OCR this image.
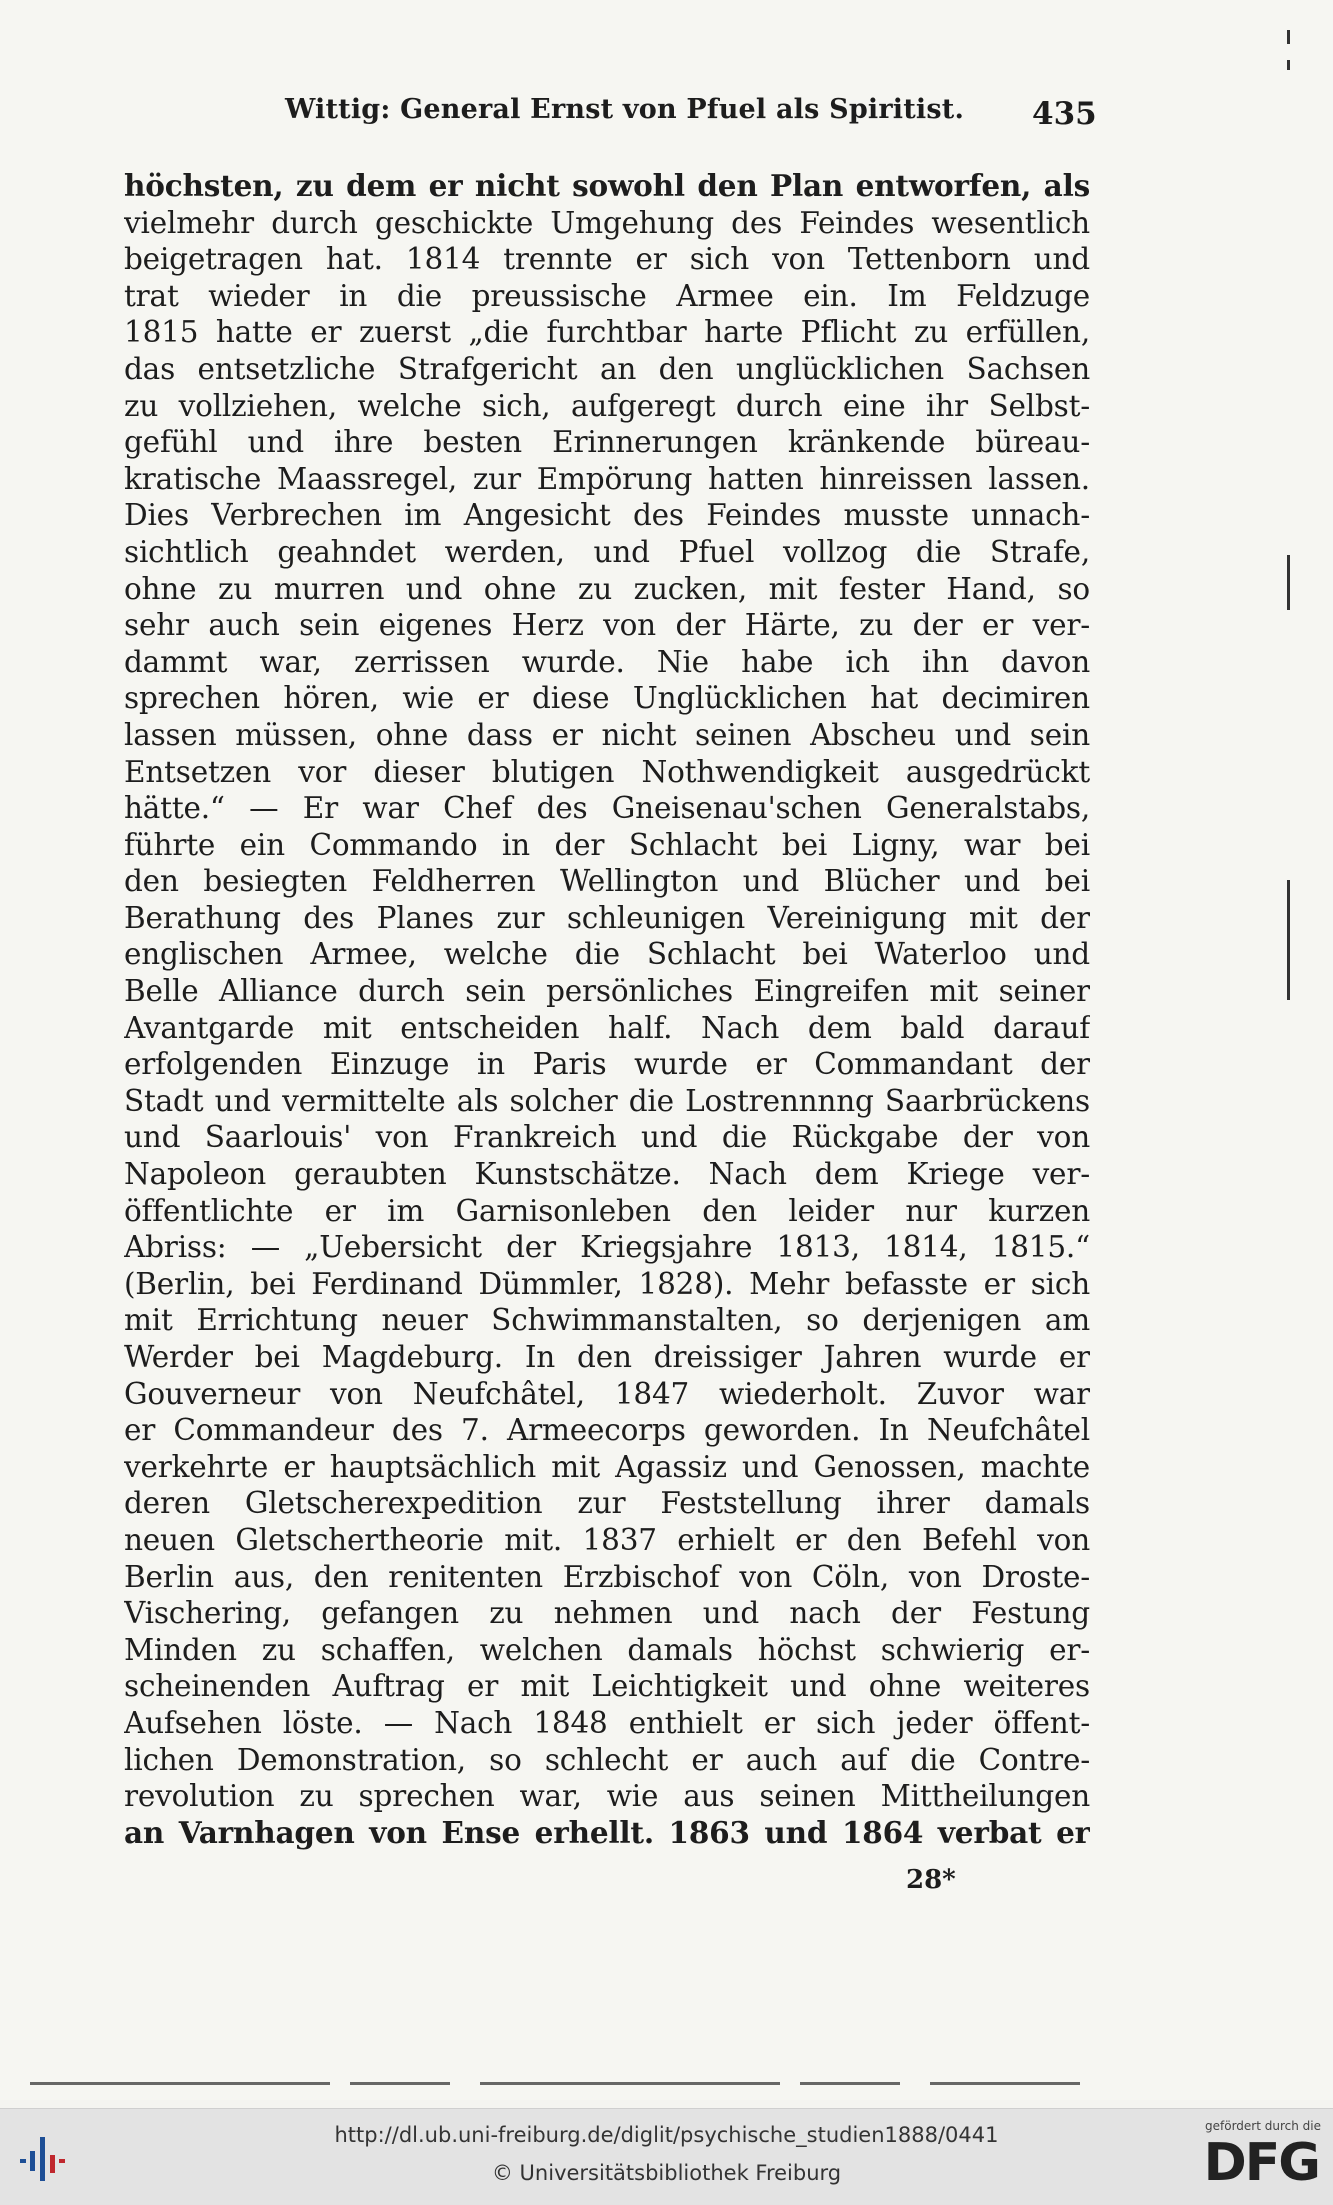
Wittig: General Ernst von Pfuel als Spiritist.	435
höchsten, zu dem er nicht sowohl den Plan entworfen, als
vielmehr durch geschickte Umgehung des Feindes wesentlich
beigetragen hat. 1814 trennte er sich von Tettenborn und
trat wieder in die preussische Armee ein. Im Feldzuge
1815 hatte er zuerst „die furchtbar harte Pflicht zu erfüllen,
das entsetzliche Strafgericht an den unglücklichen Sachsen
zu vollziehen, welche sich, aufgeregt durch eine ihr Selbst-
gefühl und ihre besten Erinnerungen kränkende büreau-
kratische Maassregel, zur Empörung hatten hinreissen lassen.
Dies Verbrechen im Angesicht des Feindes musste unnach-
sichtlich geahndet werden, und Pfuel vollzog die Strafe,
ohne zu murren und ohne zu zucken, mit fester Hand, so
sehr auch sein eigenes Herz von der Härte, zu der er ver-
dammt war, zerrissen wurde. Nie habe ich ihn davon
sprechen hören, wie er diese Unglücklichen hat decimiren
lassen müssen, ohne dass er nicht seinen Abscheu und sein
Entsetzen vor dieser blutigen Nothwendigkeit ausgedrückt
hätte.“ — Er war Chef des Gneisenau'schen Generalstabs,
führte ein Commando in der Schlacht bei Ligny, war bei
den besiegten Feldherren Wellington und Blücher und bei
Berathung des Planes zur schleunigen Vereinigung mit der
englischen Armee, welche die Schlacht bei Waterloo und
Belle Alliance durch sein persönliches Eingreifen mit seiner
Avantgarde mit entscheiden half. Nach dem bald darauf
erfolgenden Einzuge in Paris wurde er Commandant der
Stadt und vermittelte als solcher die Lostrennnng Saarbrückens
und Saarlouis' von Frankreich und die Rückgabe der von
Napoleon geraubten Kunstschätze. Nach dem Kriege ver-
öffentlichte er im Garnisonleben den leider nur kurzen
Abriss: — „Uebersicht der Kriegsjahre 1813, 1814, 1815.“
(Berlin, bei Ferdinand Dümmler, 1828). Mehr befasste er sich
mit Errichtung neuer Schwimmanstalten, so derjenigen am
Werder bei Magdeburg. In den dreissiger Jahren wurde er
Gouverneur von Neufchâtel, 1847 wiederholt. Zuvor war
er Commandeur des 7. Armeecorps geworden. In Neufchâtel
verkehrte er hauptsächlich mit Agassiz und Genossen, machte
deren Gletscherexpedition zur Feststellung ihrer damals
neuen Gletschertheorie mit. 1837 erhielt er den Befehl von
Berlin aus, den renitenten Erzbischof von Cöln, von Droste-
Vischering, gefangen zu nehmen und nach der Festung
Minden zu schaffen, welchen damals höchst schwierig er-
scheinenden Auftrag er mit Leichtigkeit und ohne weiteres
Aufsehen löste. — Nach 1848 enthielt er sich jeder öffent-
lichen Demonstration, so schlecht er auch auf die Contre-
revolution zu sprechen war, wie aus seinen Mittheilungen
an Varnhagen von Ense erhellt. 1863 und 1864 verbat er
28*
http://dl.ub.uni-freiburg.de/diglit/psychische_studien1888/0441
© Universitätsbibliothek Freiburg
gefördert durch die
DFG
